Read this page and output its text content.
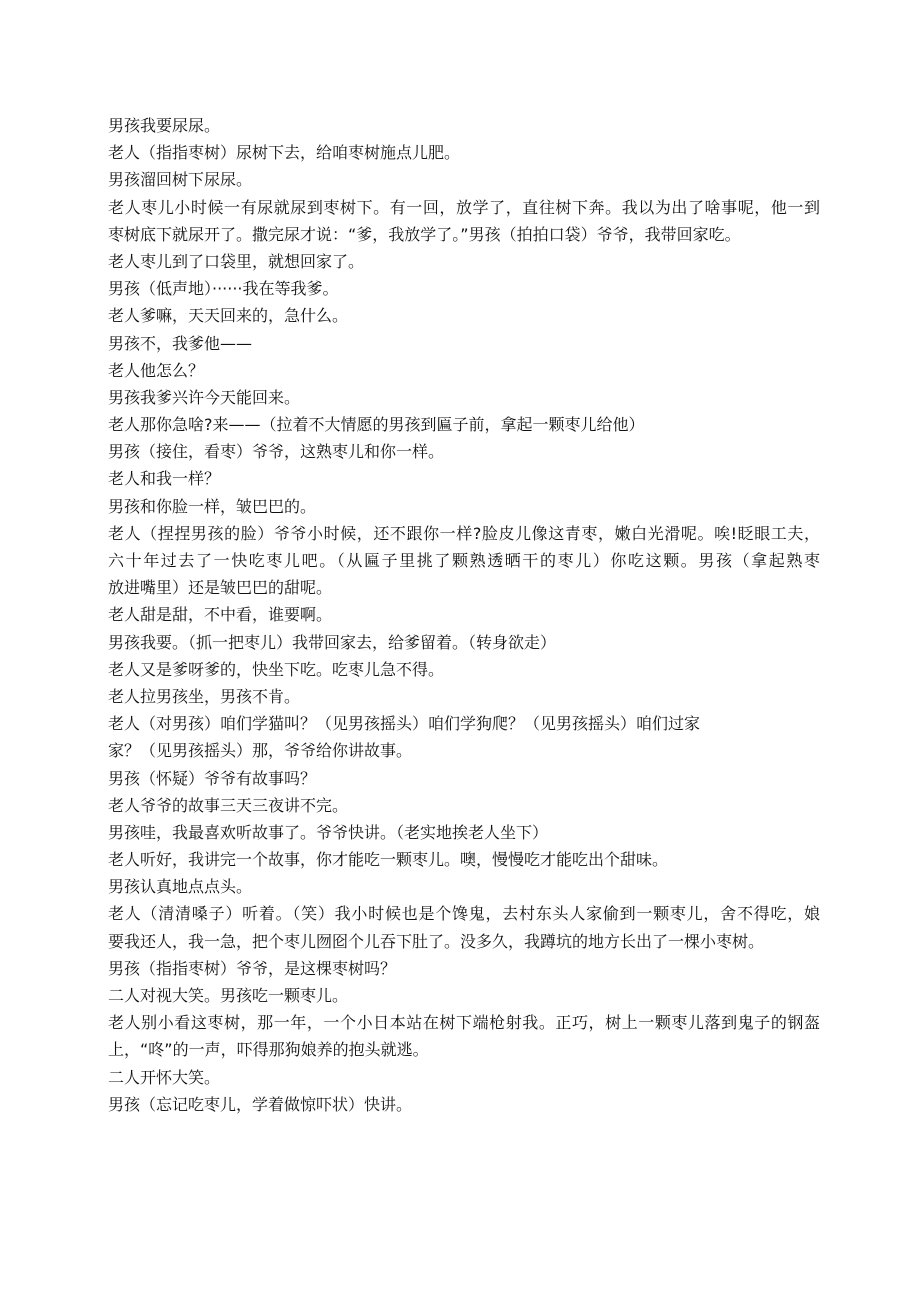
男孩我要尿尿。
老人（指指枣树）尿树下去，给咱枣树施点儿肥。
男孩溜回树下尿尿。
老人枣儿小时候一有尿就尿到枣树下。有一回，放学了，直往树下奔。我以为出了啥事呢，他一到
枣树底下就尿开了。撒完尿才说：“爹，我放学了。”男孩（拍拍口袋）爷爷，我带回家吃。
老人枣儿到了口袋里，就想回家了。
男孩（低声地）······我在等我爹。
老人爹嘛，天天回来的，急什么。
男孩不，我爹他——
老人他怎么？
男孩我爹兴许今天能回来。
老人那你急啥?来——（拉着不大情愿的男孩到匾子前，拿起一颗枣儿给他）
男孩（接住，看枣）爷爷，这熟枣儿和你一样。
老人和我一样？
男孩和你脸一样，皱巴巴的。
老人（捏捏男孩的脸）爷爷小时候，还不跟你一样?脸皮儿像这青枣，嫩白光滑呢。唉!眨眼工夫，
六十年过去了一快吃枣儿吧。（从匾子里挑了颗熟透晒干的枣儿）你吃这颗。男孩（拿起熟枣
放进嘴里）还是皱巴巴的甜呢。
老人甜是甜，不中看，谁要啊。
男孩我要。（抓一把枣儿）我带回家去，给爹留着。（转身欲走）
老人又是爹呀爹的，快坐下吃。吃枣儿急不得。
老人拉男孩坐，男孩不肯。
老人（对男孩）咱们学猫叫？（见男孩摇头）咱们学狗爬？（见男孩摇头）咱们过家
家？（见男孩摇头）那，爷爷给你讲故事。
男孩（怀疑）爷爷有故事吗？
老人爷爷的故事三天三夜讲不完。
男孩哇，我最喜欢听故事了。爷爷快讲。（老实地挨老人坐下）
老人听好，我讲完一个故事，你才能吃一颗枣儿。噢，慢慢吃才能吃出个甜味。
男孩认真地点点头。
老人（清清嗓子）听着。（笑）我小时候也是个馋鬼，去村东头人家偷到一颗枣儿，舍不得吃，娘
要我还人，我一急，把个枣儿囫囵个儿吞下肚了。没多久，我蹲坑的地方长出了一棵小枣树。
男孩（指指枣树）爷爷，是这棵枣树吗？
二人对视大笑。男孩吃一颗枣儿。
老人别小看这枣树，那一年，一个小日本站在树下端枪射我。正巧，树上一颗枣儿落到鬼子的钢盔
上，“咚”的一声，吓得那狗娘养的抱头就逃。
二人开怀大笑。
男孩（忘记吃枣儿，学着做惊吓状）快讲。
